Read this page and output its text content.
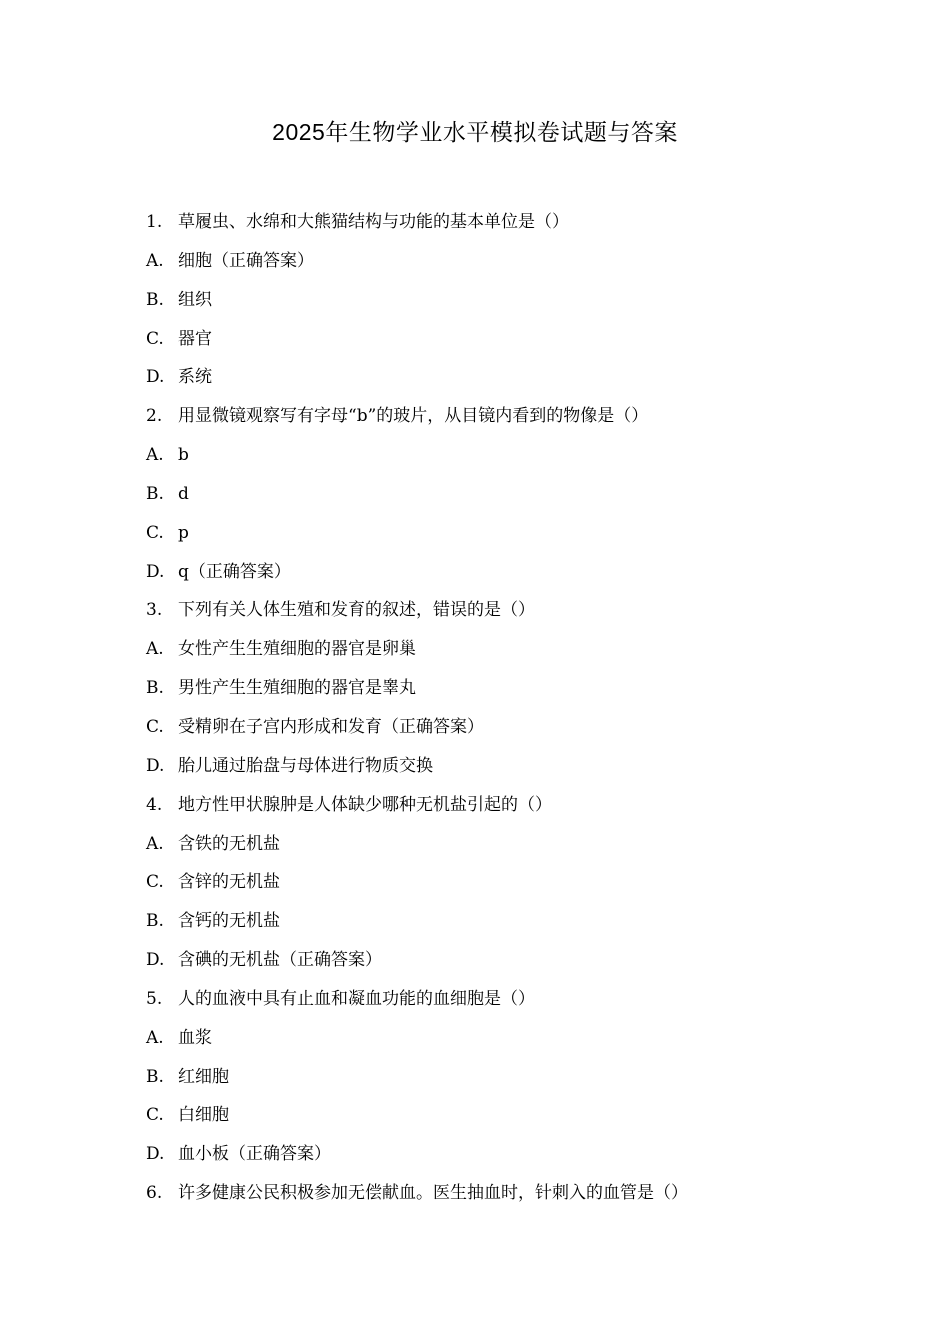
2025年生物学业水平模拟卷试题与答案
1. 草履虫、水绵和大熊猫结构与功能的基本单位是（）
A. 细胞（正确答案）
B. 组织
C. 器官
D. 系统
2. 用显微镜观察写有字母“b”的玻片，从目镜内看到的物像是（）
A. b
B. d
C. p
D. q（正确答案）
3. 下列有关人体生殖和发育的叙述，错误的是（）
A. 女性产生生殖细胞的器官是卵巢
B. 男性产生生殖细胞的器官是睾丸
C. 受精卵在子宫内形成和发育（正确答案）
D. 胎儿通过胎盘与母体进行物质交换
4. 地方性甲状腺肿是人体缺少哪种无机盐引起的（）
A. 含铁的无机盐
C. 含锌的无机盐
B. 含钙的无机盐
D. 含碘的无机盐（正确答案）
5. 人的血液中具有止血和凝血功能的血细胞是（）
A. 血浆
B. 红细胞
C. 白细胞
D. 血小板（正确答案）
6. 许多健康公民积极参加无偿献血。医生抽血时，针刺入的血管是（）
